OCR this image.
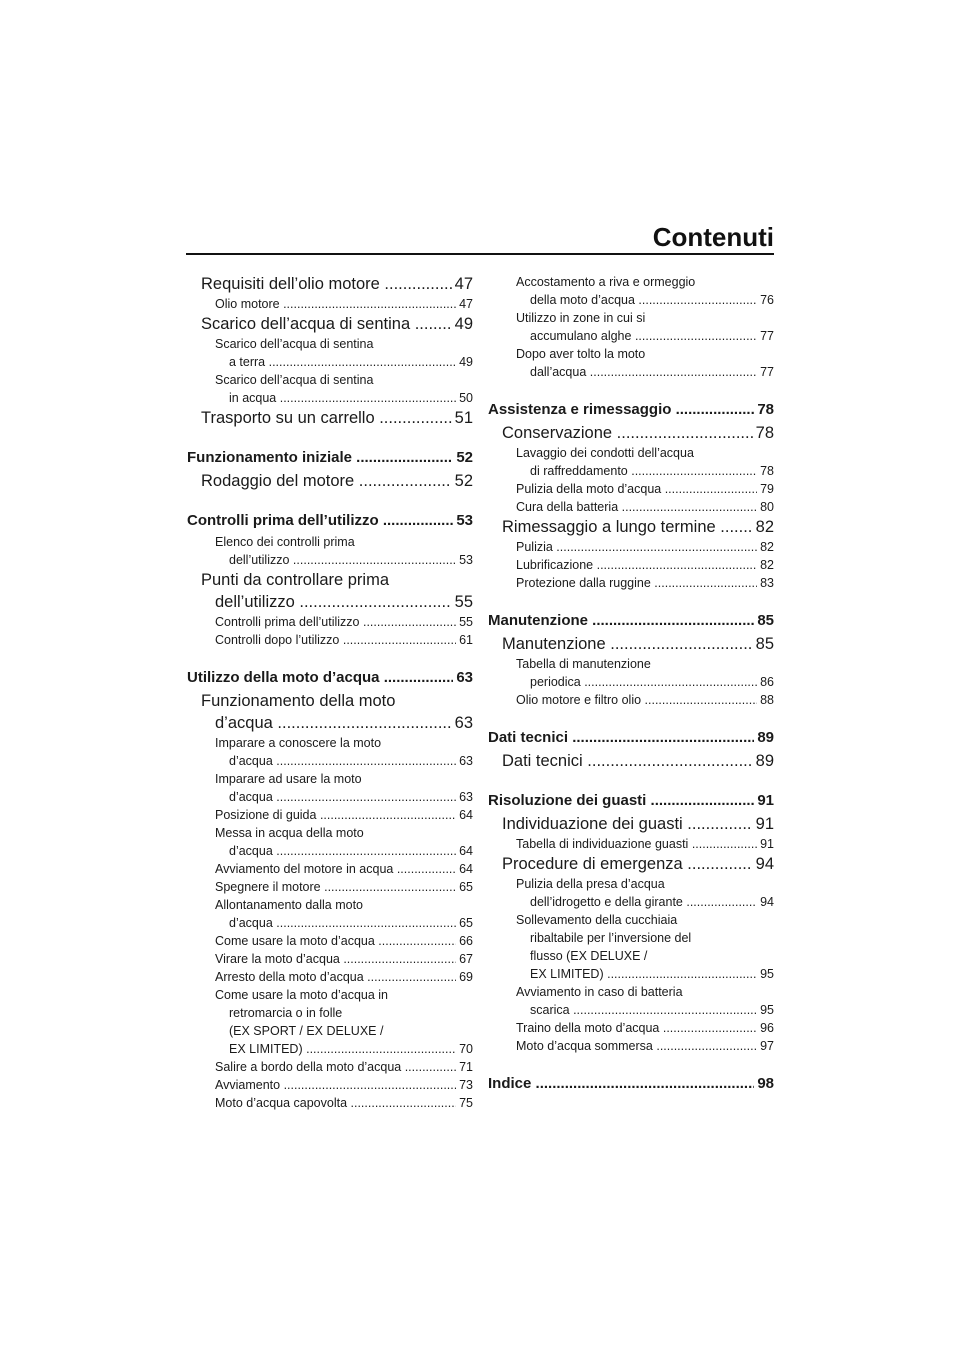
Contenuti
Requisiti dell’olio motore .....	47
Olio motore .....	47
Scarico dell’acqua di sentina .....	49
Scarico dell’acqua di sentina
a terra .....	49
Scarico dell’acqua di sentina
in acqua .....	50
Trasporto su un carrello .....	51
Funzionamento iniziale .....	52
Rodaggio del motore .....	52
Controlli prima dell’utilizzo .....	53
Elenco dei controlli prima
dell’utilizzo .....	53
Punti da controllare prima
dell’utilizzo .....	55
Controlli prima dell’utilizzo .....	55
Controlli dopo l’utilizzo .....	61
Utilizzo della moto d’acqua .....	63
Funzionamento della moto
d’acqua .....	63
Imparare a conoscere la moto
d’acqua .....	63
Imparare ad usare la moto
d’acqua .....	63
Posizione di guida .....	64
Messa in acqua della moto
d’acqua .....	64
Avviamento del motore in acqua .....	64
Spegnere il motore .....	65
Allontanamento dalla moto
d’acqua .....	65
Come usare la moto d’acqua .....	66
Virare la moto d’acqua .....	67
Arresto della moto d’acqua .....	69
Come usare la moto d’acqua in
retromarcia o in folle
(EX SPORT / EX DELUXE /
EX LIMITED) .....	70
Salire a bordo della moto d’acqua .....	71
Avviamento .....	73
Moto d’acqua capovolta .....	75
Accostamento a riva e ormeggio
della moto d’acqua .....	76
Utilizzo in zone in cui si
accumulano alghe .....	77
Dopo aver tolto la moto
dall’acqua .....	77
Assistenza e rimessaggio .....	78
Conservazione .....	78
Lavaggio dei condotti dell’acqua
di raffreddamento .....	78
Pulizia della moto d’acqua .....	79
Cura della batteria .....	80
Rimessaggio a lungo termine .....	82
Pulizia .....	82
Lubrificazione .....	82
Protezione dalla ruggine .....	83
Manutenzione .....	85
Manutenzione .....	85
Tabella di manutenzione
periodica .....	86
Olio motore e filtro olio .....	88
Dati tecnici .....	89
Dati tecnici .....	89
Risoluzione dei guasti .....	91
Individuazione dei guasti .....	91
Tabella di individuazione guasti .....	91
Procedure di emergenza .....	94
Pulizia della presa d’acqua
dell’idrogetto e della girante .....	94
Sollevamento della cucchiaia
ribaltabile per l’inversione del
flusso (EX DELUXE /
EX LIMITED) .....	95
Avviamento in caso di batteria
scarica .....	95
Traino della moto d’acqua .....	96
Moto d’acqua sommersa .....	97
Indice .....	98
